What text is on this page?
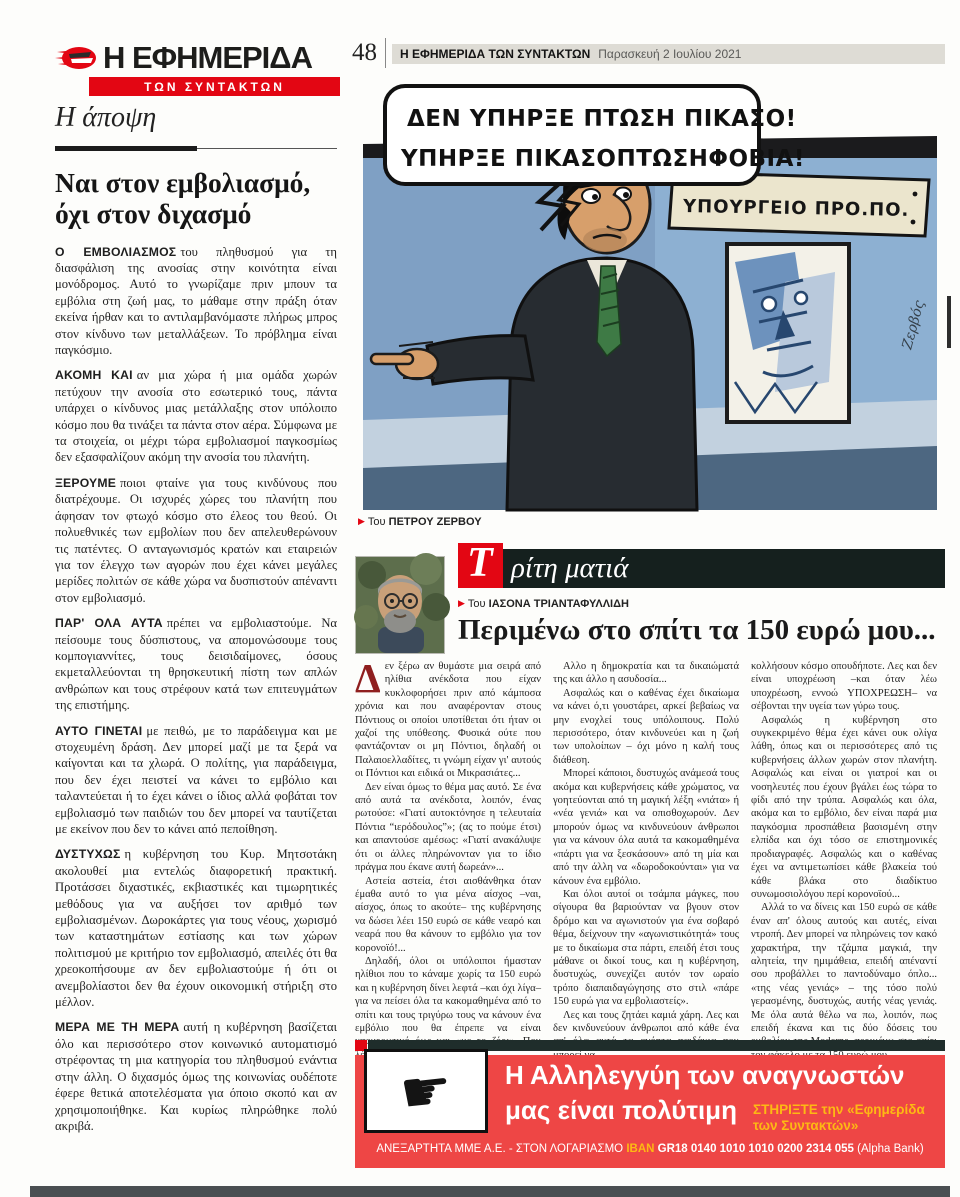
Η ΕΦΗΜΕΡΙΔΑ
ΤΩΝ ΣΥΝΤΑΚΤΩΝ
Η άποψη
48	Η ΕΦΗΜΕΡΙΔΑ ΤΩΝ ΣΥΝΤΑΚΤΩΝ Παρασκευή 2 Ιουλίου 2021
Ναι στον εμβολιασμό, όχι στον διχασμό

Ο ΕΜΒΟΛΙΑΣΜΟΣ του πληθυσμού για τη διασφάλιση της ανοσίας στην κοινότητα είναι μονόδρομος. Αυτό το γνωρίζαμε πριν μπουν τα εμβόλια στη ζωή μας, το μάθαμε στην πράξη όταν εκείνα ήρθαν και το αντιλαμβανόμαστε πλήρως μπρος στον κίνδυνο των μεταλλάξεων. Το πρόβλημα είναι παγκόσμιο.

ΑΚΟΜΗ ΚΑΙ αν μια χώρα ή μια ομάδα χωρών πετύχουν την ανοσία στο εσωτερικό τους, πάντα υπάρχει ο κίνδυνος μιας μετάλλαξης στον υπόλοιπο κόσμο που θα τινάξει τα πάντα στον αέρα. Σύμφωνα με τα στοιχεία, οι μέχρι τώρα εμβολιασμοί παγκοσμίως δεν εξασφαλίζουν ακόμη την ανοσία του πλανήτη.

ΞΕΡΟΥΜΕ ποιοι φταίνε για τους κινδύνους που διατρέχουμε. Οι ισχυρές χώρες του πλανήτη που άφησαν τον φτωχό κόσμο στο έλεος του θεού. Οι πολυεθνικές των εμβολίων που δεν απελευθερώνουν τις πατέντες. Ο ανταγωνισμός κρατών και εταιρειών για τον έλεγχο των αγορών που έχει κάνει μεγάλες μερίδες πολιτών σε κάθε χώρα να δυσπιστούν απέναντι στον εμβολιασμό.

ΠΑΡ' ΟΛΑ ΑΥΤΑ πρέπει να εμβολιαστούμε. Να πείσουμε τους δύσπιστους, να απομονώσουμε τους κομπογιαννίτες, τους δεισιδαίμονες, όσους εκμεταλλεύονται τη θρησκευτική πίστη των απλών ανθρώπων και τους στρέφουν κατά των επιτευγμάτων της επιστήμης.

ΑΥΤΟ ΓΙΝΕΤΑΙ με πειθώ, με το παράδειγμα και με στοχευμένη δράση. Δεν μπορεί μαζί με τα ξερά να καίγονται και τα χλωρά. Ο πολίτης, για παράδειγμα, που δεν έχει πειστεί να κάνει το εμβόλιο και ταλαντεύεται ή το έχει κάνει ο ίδιος αλλά φοβάται τον εμβολιασμό των παιδιών του δεν μπορεί να ταυτίζεται με εκείνον που δεν το κάνει από πεποίθηση.

ΔΥΣΤΥΧΩΣ η κυβέρνηση του Κυρ. Μητσοτάκη ακολουθεί μια εντελώς διαφορετική πρακτική. Προτάσσει διχαστικές, εκβιαστικές και τιμωρητικές μεθόδους για να αυξήσει τον αριθμό των εμβολιασμένων. Δωροκάρτες για τους νέους, χωρισμό των καταστημάτων εστίασης και των χώρων πολιτισμού με κριτήριο τον εμβολιασμό, απειλές ότι θα χρεοκοπήσουμε αν δεν εμβολιαστούμε ή ότι οι ανεμβολίαστοι δεν θα έχουν οικονομική στήριξη στο μέλλον.

ΜΕΡΑ ΜΕ ΤΗ ΜΕΡΑ αυτή η κυβέρνηση βασίζεται όλο και περισσότερο στον κοινωνικό αυτοματισμό στρέφοντας τη μια κατηγορία του πληθυσμού ενάντια στην άλλη. Ο διχασμός όμως της κοινωνίας ουδέποτε έφερε θετικά αποτελέσματα για όποιο σκοπό και αν χρησιμοποιήθηκε. Και κυρίως πληρώθηκε πολύ ακριβά.

ΥΠΟΥΡΓΕΙΟ ΠΡΟ.ΠΟ.
ΔΕΝ ΥΠΗΡΞΕ ΠΤΩΣΗ ΠΙΚΑΣΟ!
ΥΠΗΡΞΕ ΠΙΚΑΣΟΠΤΩΣΗΦΟΒΙΑ!
Ζερβός
▶ Του ΠΕΤΡΟΥ ΖΕΡΒΟΥ
Τ ρίτη ματιά
▶ Του ΙΑΣΟΝΑ ΤΡΙΑΝΤΑΦΥΛΛΙΔΗ
Περιμένω στο σπίτι τα 150 ευρώ μου...

Δεν ξέρω αν θυμάστε μια σειρά από ηλίθια ανέκδοτα που είχαν κυκλοφορήσει πριν από κάμποσα χρόνια και που αναφέρονταν στους Πόντιους οι οποίοι υποτίθεται ότι ήταν οι χαζοί της υπόθεσης. Φυσικά ούτε που φαντάζονταν οι μη Πόντιοι, δηλαδή οι Παλαιοελλαδίτες, τι γνώμη είχαν γι' αυτούς οι Πόντιοι και ειδικά οι Μικρασιάτες...

Δεν είναι όμως το θέμα μας αυτό. Σε ένα από αυτά τα ανέκδοτα, λοιπόν, ένας ρωτούσε: «Γιατί αυτοκτόνησε η τελευταία Πόντια “ιερόδουλος”»; (ας το πούμε έτσι) και απαντούσε αμέσως: «Γιατί ανακάλυψε ότι οι άλλες πληρώνονταν για το ίδιο πράγμα που έκανε αυτή δωρεάν»...

Αστεία αστεία, έτσι αισθάνθηκα όταν έμαθα αυτό το για μένα αίσχος –ναι, αίσχος, όπως το ακούτε– της κυβέρνησης να δώσει λέει 150 ευρώ σε κάθε νεαρό και νεαρά που θα κάνουν το εμβόλιο για τον κορονοϊό!...

Δηλαδή, όλοι οι υπόλοιποι ήμασταν ηλίθιοι που το κάναμε χωρίς τα 150 ευρώ και η κυβέρνηση δίνει λεφτά –και όχι λίγα– για να πείσει όλα τα κακομαθημένα από το σπίτι και τους τριγύρω τους να κάνουν ένα εμβόλιο που θα έπρεπε να είναι

Αλλο η δημοκρατία και τα δικαιώματά της και άλλο η ασυδοσία...

Ασφαλώς και ο καθένας έχει δικαίωμα να κάνει ό,τι γουστάρει, αρκεί βεβαίως να μην ενοχλεί τους υπόλοιπους. Πολύ περισσότερο, όταν κινδυνεύει και η ζωή των υπολοίπων – όχι μόνο η καλή τους διάθεση.

Μπορεί κάποιοι, δυστυχώς ανάμεσά τους ακόμα και κυβερνήσεις κάθε χρώματος, να γοητεύονται από τη μαγική λέξη «νιάτα» ή «νέα γενιά» και να οπισθοχωρούν. Δεν μπορούν όμως να κινδυνεύουν άνθρωποι για να κάνουν όλα αυτά τα κακομαθημένα «πάρτι για να ξεσκάσουν» από τη μία και από την άλλη να «δωροδοκούνται» για να κάνουν ένα εμβόλιο.

Και όλοι αυτοί οι τσάμπα μάγκες, που σίγουρα θα βαριούνταν να βγουν στον δρόμο και να αγωνιστούν για ένα σοβαρό θέμα, δείχνουν την «αγωνιστικότητά» τους με το δικαίωμα στα πάρτι, επειδή έτσι τους μάθανε οι δικοί τους, και η κυβέρνηση, δυστυχώς, συνεχίζει αυτόν τον ωραίο τρόπο διαπαιδαγώγησης στο στιλ «πάρε 150 ευρώ για να εμβολιαστείς».

Λες και τους ζητάει καμιά χάρη. Λες και δεν κινδυνεύουν άνθρωποι από κάθε ένα

κολλήσουν κόσμο οπουδήποτε. Λες και δεν είναι υποχρέωση –και όταν λέω υποχρέωση, εννοώ ΥΠΟΧΡΕΩΣΗ– να σέβονται την υγεία των γύρω τους.

Ασφαλώς η κυβέρνηση στο συγκεκριμένο θέμα έχει κάνει ουκ ολίγα λάθη, όπως και οι περισσότερες από τις κυβερνήσεις άλλων χωρών στον πλανήτη. Ασφαλώς και είναι οι γιατροί και οι νοσηλευτές που έχουν βγάλει έως τώρα το φίδι από την τρύπα. Ασφαλώς και όλα, ακόμα και το εμβόλιο, δεν είναι παρά μια παγκόσμια προσπάθεια βασισμένη στην ελπίδα και όχι τόσο σε επιστημονικές προδιαγραφές. Ασφαλώς και ο καθένας έχει να αντιμετωπίσει κάθε βλακεία τού κάθε βλάκα στο διαδίκτυο συνωμοσιολόγου περί κορονοϊού...

Αλλά το να δίνεις και 150 ευρώ σε κάθε έναν απ' όλους αυτούς και αυτές, είναι ντροπή. Δεν μπορεί να πληρώνεις τον κακό χαρακτήρα, την τζάμπα μαγκιά, την αλητεία, την ημιμάθεια, επειδή απέναντί σου προβάλλει το παντοδύναμο όπλο... «της νέας γενιάς» – της τόσο πολύ γερασμένης, δυστυχώς, αυτής νέας γενιάς. Με όλα αυτά θέλω να πω, λοιπόν, πως επειδή έκανα και τις δύο δόσεις του

☛ Η Αλληλεγγύη των αναγνωστών
μας είναι πολύτιμη ΣΤΗΡΙΞΤΕ την «Εφημερίδα
των Συντακτών»
ΑΝΕΞΑΡΤΗΤΑ ΜΜΕ Α.Ε. - ΣΤΟΝ ΛΟΓΑΡΙΑΣΜΟ IBAN GR18 0140 1010 1010 0200 2314 055 (Alpha Bank)
